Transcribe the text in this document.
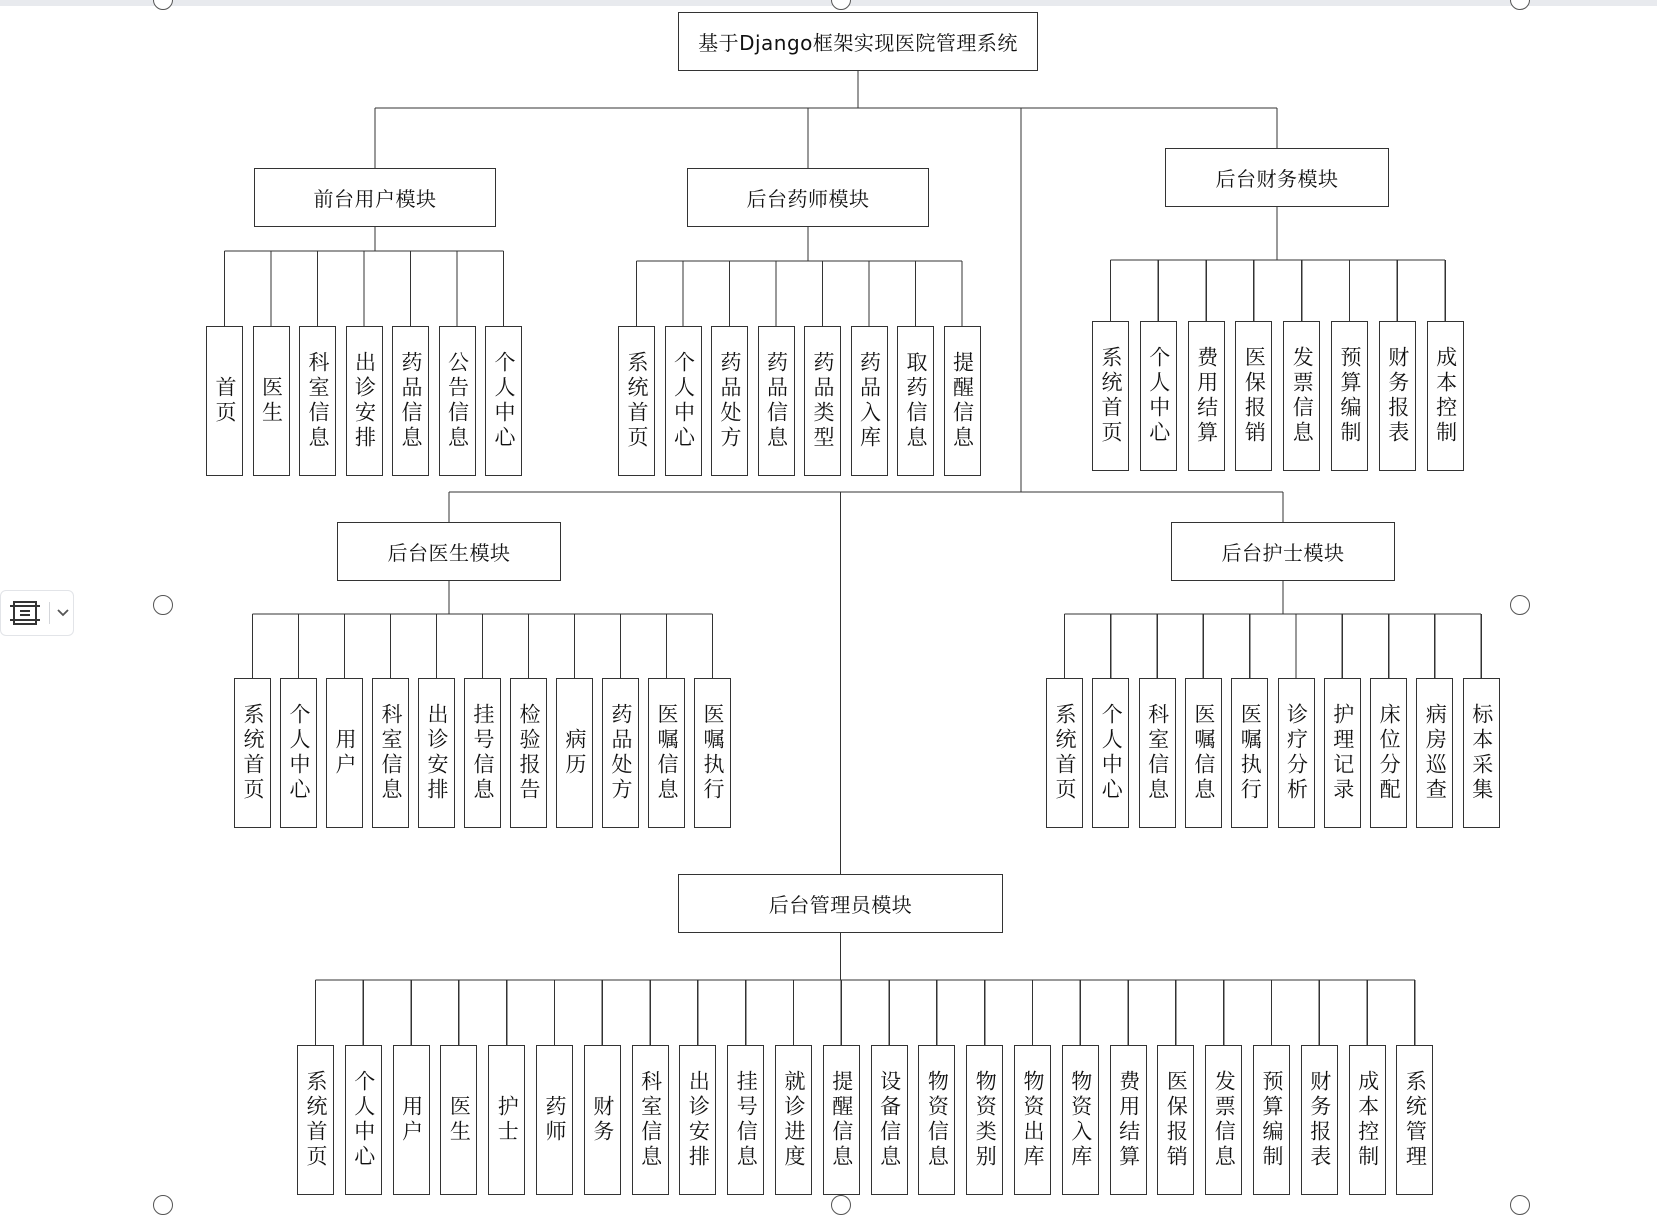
基于Django框架实现医院管理系统
前台用户模块	后台药师模块
后台财务模块
后台医生模块	后台护士模块
后台管理员模块
首页	医生	科室信息	出诊安排	药品信息	公告信息	个人中心	系统首页	个人中心	药品处方	药品信息	药品类型	药品入库	取药信息	提醒信息	系统首页	个人中心	费用结算	医保报销	发票信息	预算编制	财务报表	成本控制
系统首页	个人中心	用户	科室信息	出诊安排	挂号信息	检验报告	病历	药品处方	医嘱信息	医嘱执行	系统首页	个人中心	科室信息	医嘱信息	医嘱执行	诊疗分析	护理记录	床位分配	病房巡查	标本采集
系统首页	个人中心	用户	医生	护士	药师	财务	科室信息	出诊安排	挂号信息	就诊进度	提醒信息	设备信息	物资信息	物资类别	物资出库	物资入库	费用结算	医保报销	发票信息	预算编制	财务报表	成本控制	系统管理
